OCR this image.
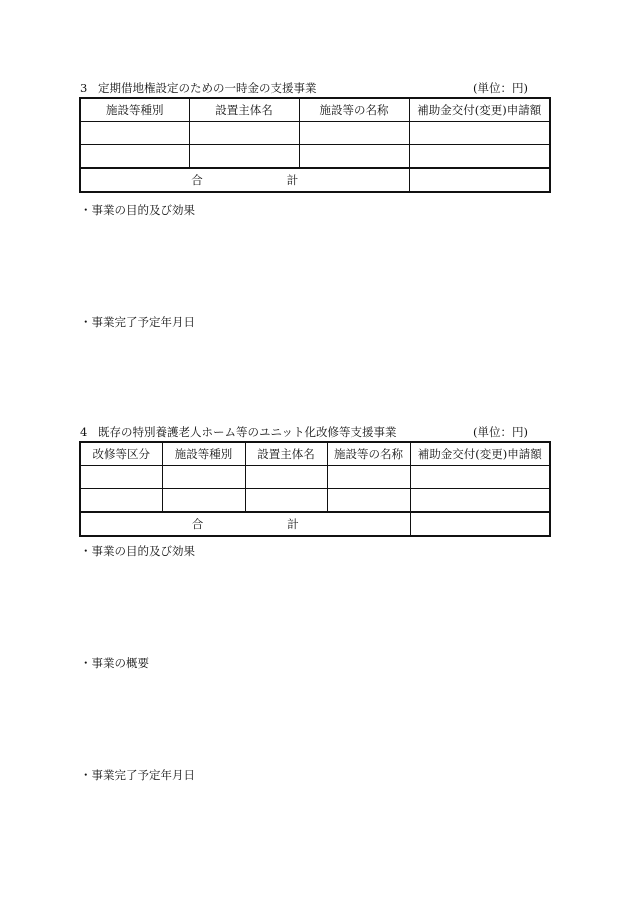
3 定期借地権設定のための一時金の支援事業	(単位：円)
施設等種別	設置主体名	施設等の名称	補助金交付(変更)申請額

合 計			
・事業の目的及び効果
・事業完了予定年月日
4 既存の特別養護老人ホーム等のユニット化改修等支援事業	(単位：円)
改修等区分	施設等種別	設置主体名	施設等の名称	補助金交付(変更)申請額

合 計				
・事業の目的及び効果
・事業の概要
・事業完了予定年月日
